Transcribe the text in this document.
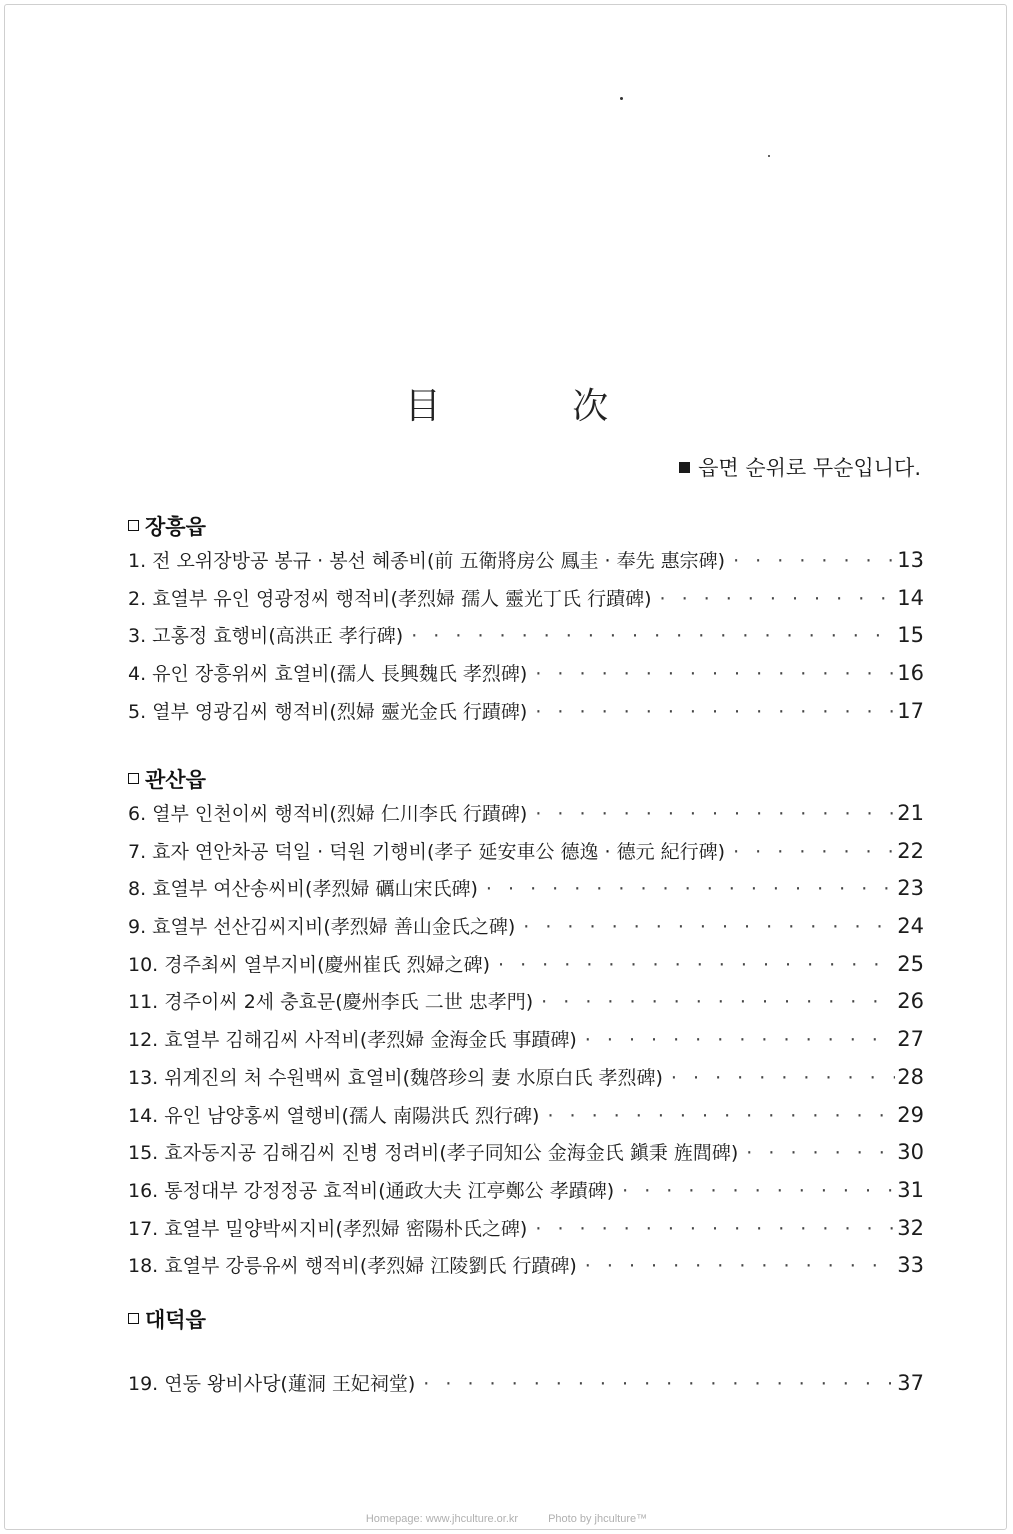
目 次
읍면 순위로 무순입니다.
장흥읍
1. 전 오위장방공 봉규 · 봉선 혜종비(前 五衛將房公 鳳圭 · 奉先 惠宗碑) · · ·	13
2. 효열부 유인 영광정씨 행적비(孝烈婦 孺人 靈光丁氏 行蹟碑) · · ·	14
3. 고홍정 효행비(高洪正 孝行碑) · · ·	15
4. 유인 장흥위씨 효열비(孺人 長興魏氏 孝烈碑) · · ·	16
5. 열부 영광김씨 행적비(烈婦 靈光金氏 行蹟碑) · · ·	17
관산읍
6. 열부 인천이씨 행적비(烈婦 仁川李氏 行蹟碑) · · ·	21
7. 효자 연안차공 덕일 · 덕원 기행비(孝子 延安車公 德逸 · 德元 紀行碑) · · ·	22
8. 효열부 여산송씨비(孝烈婦 礪山宋氏碑) · · ·	23
9. 효열부 선산김씨지비(孝烈婦 善山金氏之碑) · · ·	24
10. 경주최씨 열부지비(慶州崔氏 烈婦之碑) · · ·	25
11. 경주이씨 2세 충효문(慶州李氏 二世 忠孝門) · · ·	26
12. 효열부 김해김씨 사적비(孝烈婦 金海金氏 事蹟碑) · · ·	27
13. 위계진의 처 수원백씨 효열비(魏啓珍의 妻 水原白氏 孝烈碑) · · ·	28
14. 유인 남양홍씨 열행비(孺人 南陽洪氏 烈行碑) · · ·	29
15. 효자동지공 김해김씨 진병 정려비(孝子同知公 金海金氏 鎭秉 旌閭碑) · · ·	30
16. 통정대부 강정정공 효적비(通政大夫 江亭鄭公 孝蹟碑) · · ·	31
17. 효열부 밀양박씨지비(孝烈婦 密陽朴氏之碑) · · ·	32
18. 효열부 강릉유씨 행적비(孝烈婦 江陵劉氏 行蹟碑) · · ·	33
대덕읍
19. 연동 왕비사당(蓮洞 王妃祠堂) · · ·	37
Homepage: www.jhculture.or.kr	Photo by jhculture™
